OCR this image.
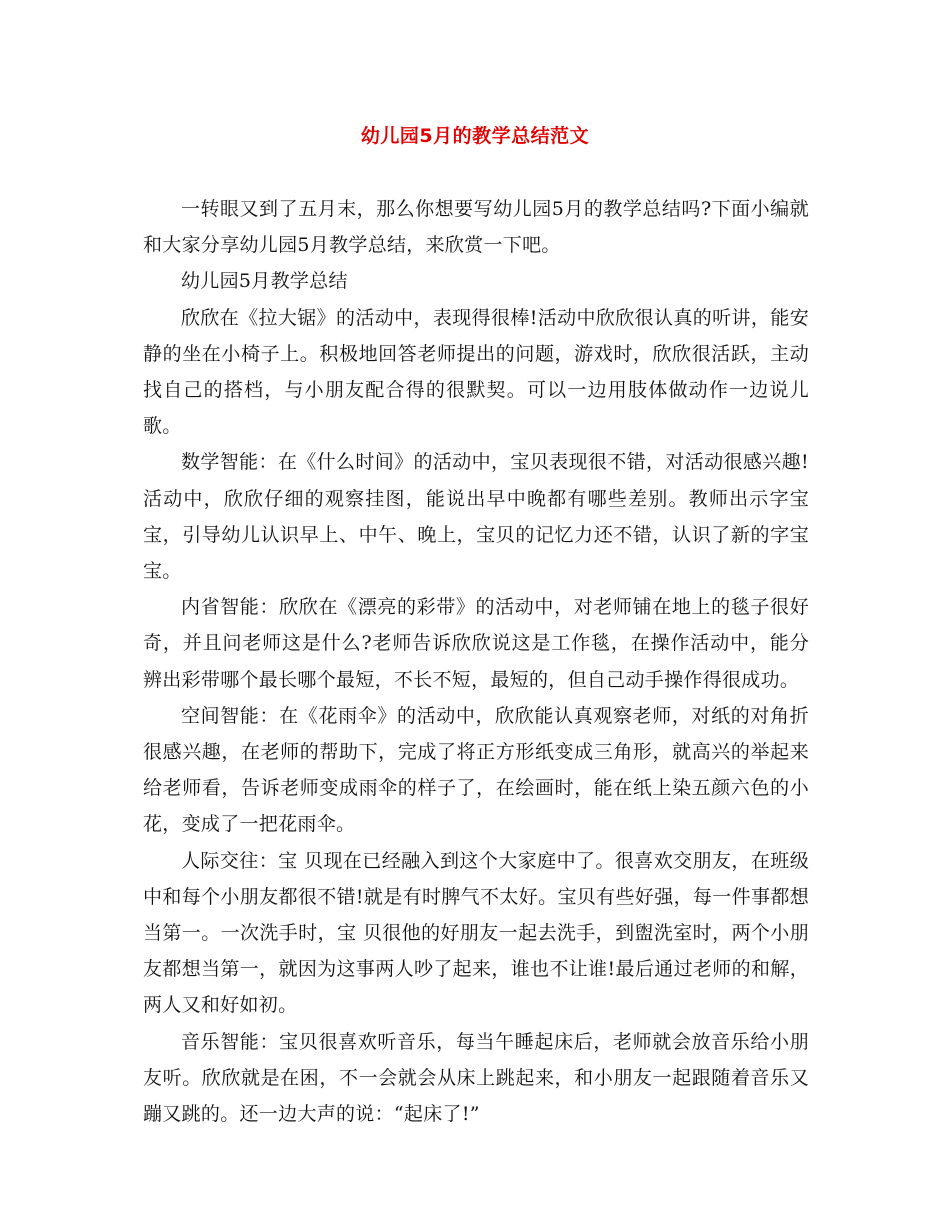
幼儿园5月的教学总结范文

一转眼又到了五月末，那么你想要写幼儿园5月的教学总结吗?下面小编就和大家分享幼儿园5月教学总结，来欣赏一下吧。

幼儿园5月教学总结

欣欣在《拉大锯》的活动中，表现得很棒!活动中欣欣很认真的听讲，能安静的坐在小椅子上。积极地回答老师提出的问题，游戏时，欣欣很活跃，主动找自己的搭档，与小朋友配合得的很默契。可以一边用肢体做动作一边说儿歌。

数学智能：在《什么时间》的活动中，宝贝表现很不错，对活动很感兴趣!活动中，欣欣仔细的观察挂图，能说出早中晚都有哪些差别。教师出示字宝宝，引导幼儿认识早上、中午、晚上，宝贝的记忆力还不错，认识了新的字宝宝。

内省智能：欣欣在《漂亮的彩带》的活动中，对老师铺在地上的毯子很好奇，并且问老师这是什么?老师告诉欣欣说这是工作毯，在操作活动中，能分辨出彩带哪个最长哪个最短，不长不短，最短的，但自己动手操作得很成功。

空间智能：在《花雨伞》的活动中，欣欣能认真观察老师，对纸的对角折很感兴趣，在老师的帮助下，完成了将正方形纸变成三角形，就高兴的举起来给老师看，告诉老师变成雨伞的样子了，在绘画时，能在纸上染五颜六色的小花，变成了一把花雨伞。

人际交往：宝 贝现在已经融入到这个大家庭中了。很喜欢交朋友，在班级中和每个小朋友都很不错!就是有时脾气不太好。宝贝有些好强，每一件事都想当第一。一次洗手时，宝 贝很他的好朋友一起去洗手，到盥洗室时，两个小朋友都想当第一，就因为这事两人吵了起来，谁也不让谁!最后通过老师的和解，两人又和好如初。

音乐智能：宝贝很喜欢听音乐，每当午睡起床后，老师就会放音乐给小朋友听。欣欣就是在困，不一会就会从床上跳起来，和小朋友一起跟随着音乐又蹦又跳的。还一边大声的说：“起床了!”
